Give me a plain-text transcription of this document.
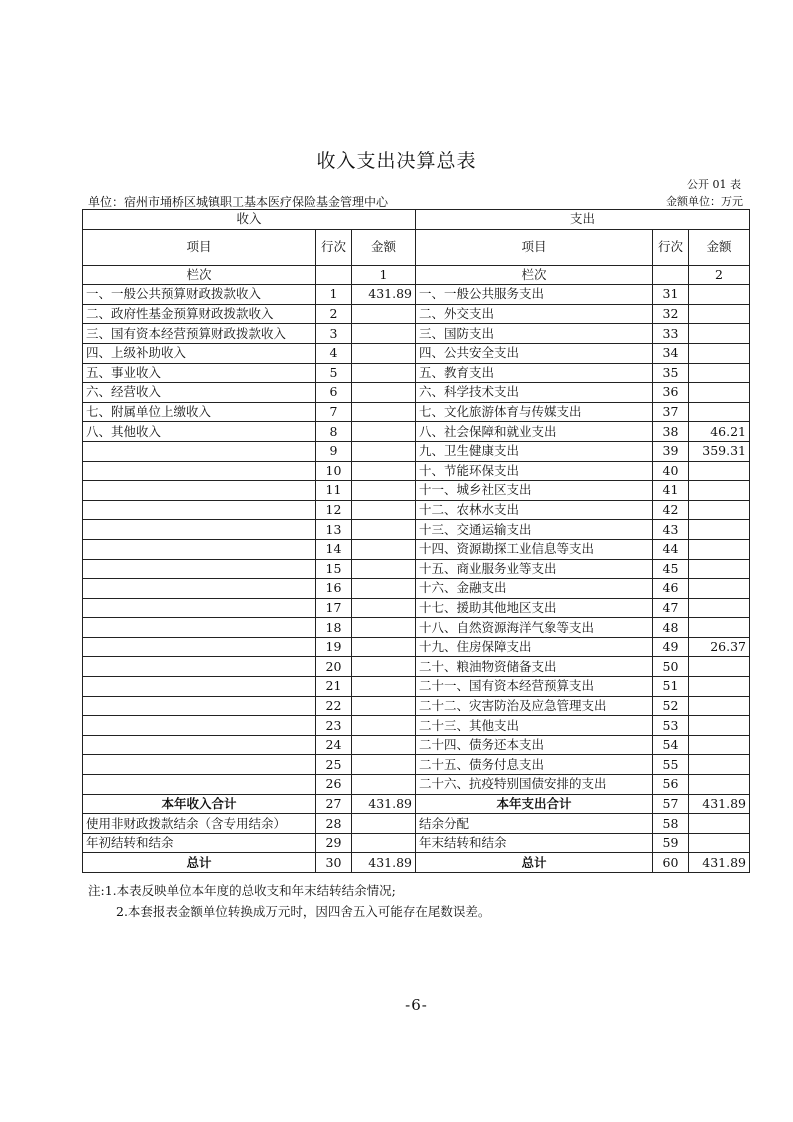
收入支出决算总表
公开 01 表
单位：宿州市埇桥区城镇职工基本医疗保险基金管理中心	金额单位：万元
收入			支出		
项目	行次	金额	项目	行次	金额
栏次		1	栏次		2
一、一般公共预算财政拨款收入	1	431.89	一、一般公共服务支出	31	
二、政府性基金预算财政拨款收入	2		二、外交支出	32	
三、国有资本经营预算财政拨款收入	3		三、国防支出	33	
四、上级补助收入	4		四、公共安全支出	34	
五、事业收入	5		五、教育支出	35	
六、经营收入	6		六、科学技术支出	36	
七、附属单位上缴收入	7		七、文化旅游体育与传媒支出	37	
八、其他收入	8		八、社会保障和就业支出	38	46.21
	9		九、卫生健康支出	39	359.31
	10		十、节能环保支出	40	
	11		十一、城乡社区支出	41	
	12		十二、农林水支出	42	
	13		十三、交通运输支出	43	
	14		十四、资源勘探工业信息等支出	44	
	15		十五、商业服务业等支出	45	
	16		十六、金融支出	46	
	17		十七、援助其他地区支出	47	
	18		十八、自然资源海洋气象等支出	48	
	19		十九、住房保障支出	49	26.37
	20		二十、粮油物资储备支出	50	
	21		二十一、国有资本经营预算支出	51	
	22		二十二、灾害防治及应急管理支出	52	
	23		二十三、其他支出	53	
	24		二十四、债务还本支出	54	
	25		二十五、债务付息支出	55	
	26		二十六、抗疫特别国债安排的支出	56	
本年收入合计	27	431.89	本年支出合计	57	431.89
使用非财政拨款结余（含专用结余）	28		结余分配	58	
年初结转和结余	29		年末结转和结余	59	
总计	30	431.89	总计	60	431.89
注:1.本表反映单位本年度的总收支和年末结转结余情况;
2.本套报表金额单位转换成万元时，因四舍五入可能存在尾数误差。
-6-
